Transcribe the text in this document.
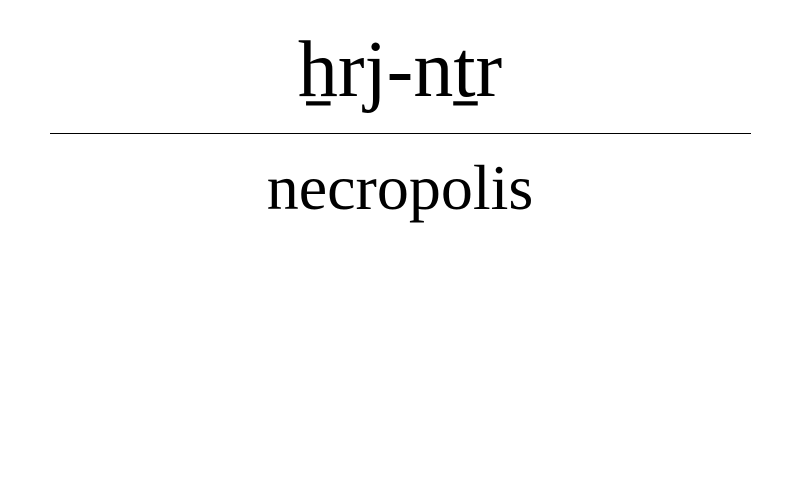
ẖrj-nṯr
necropolis
